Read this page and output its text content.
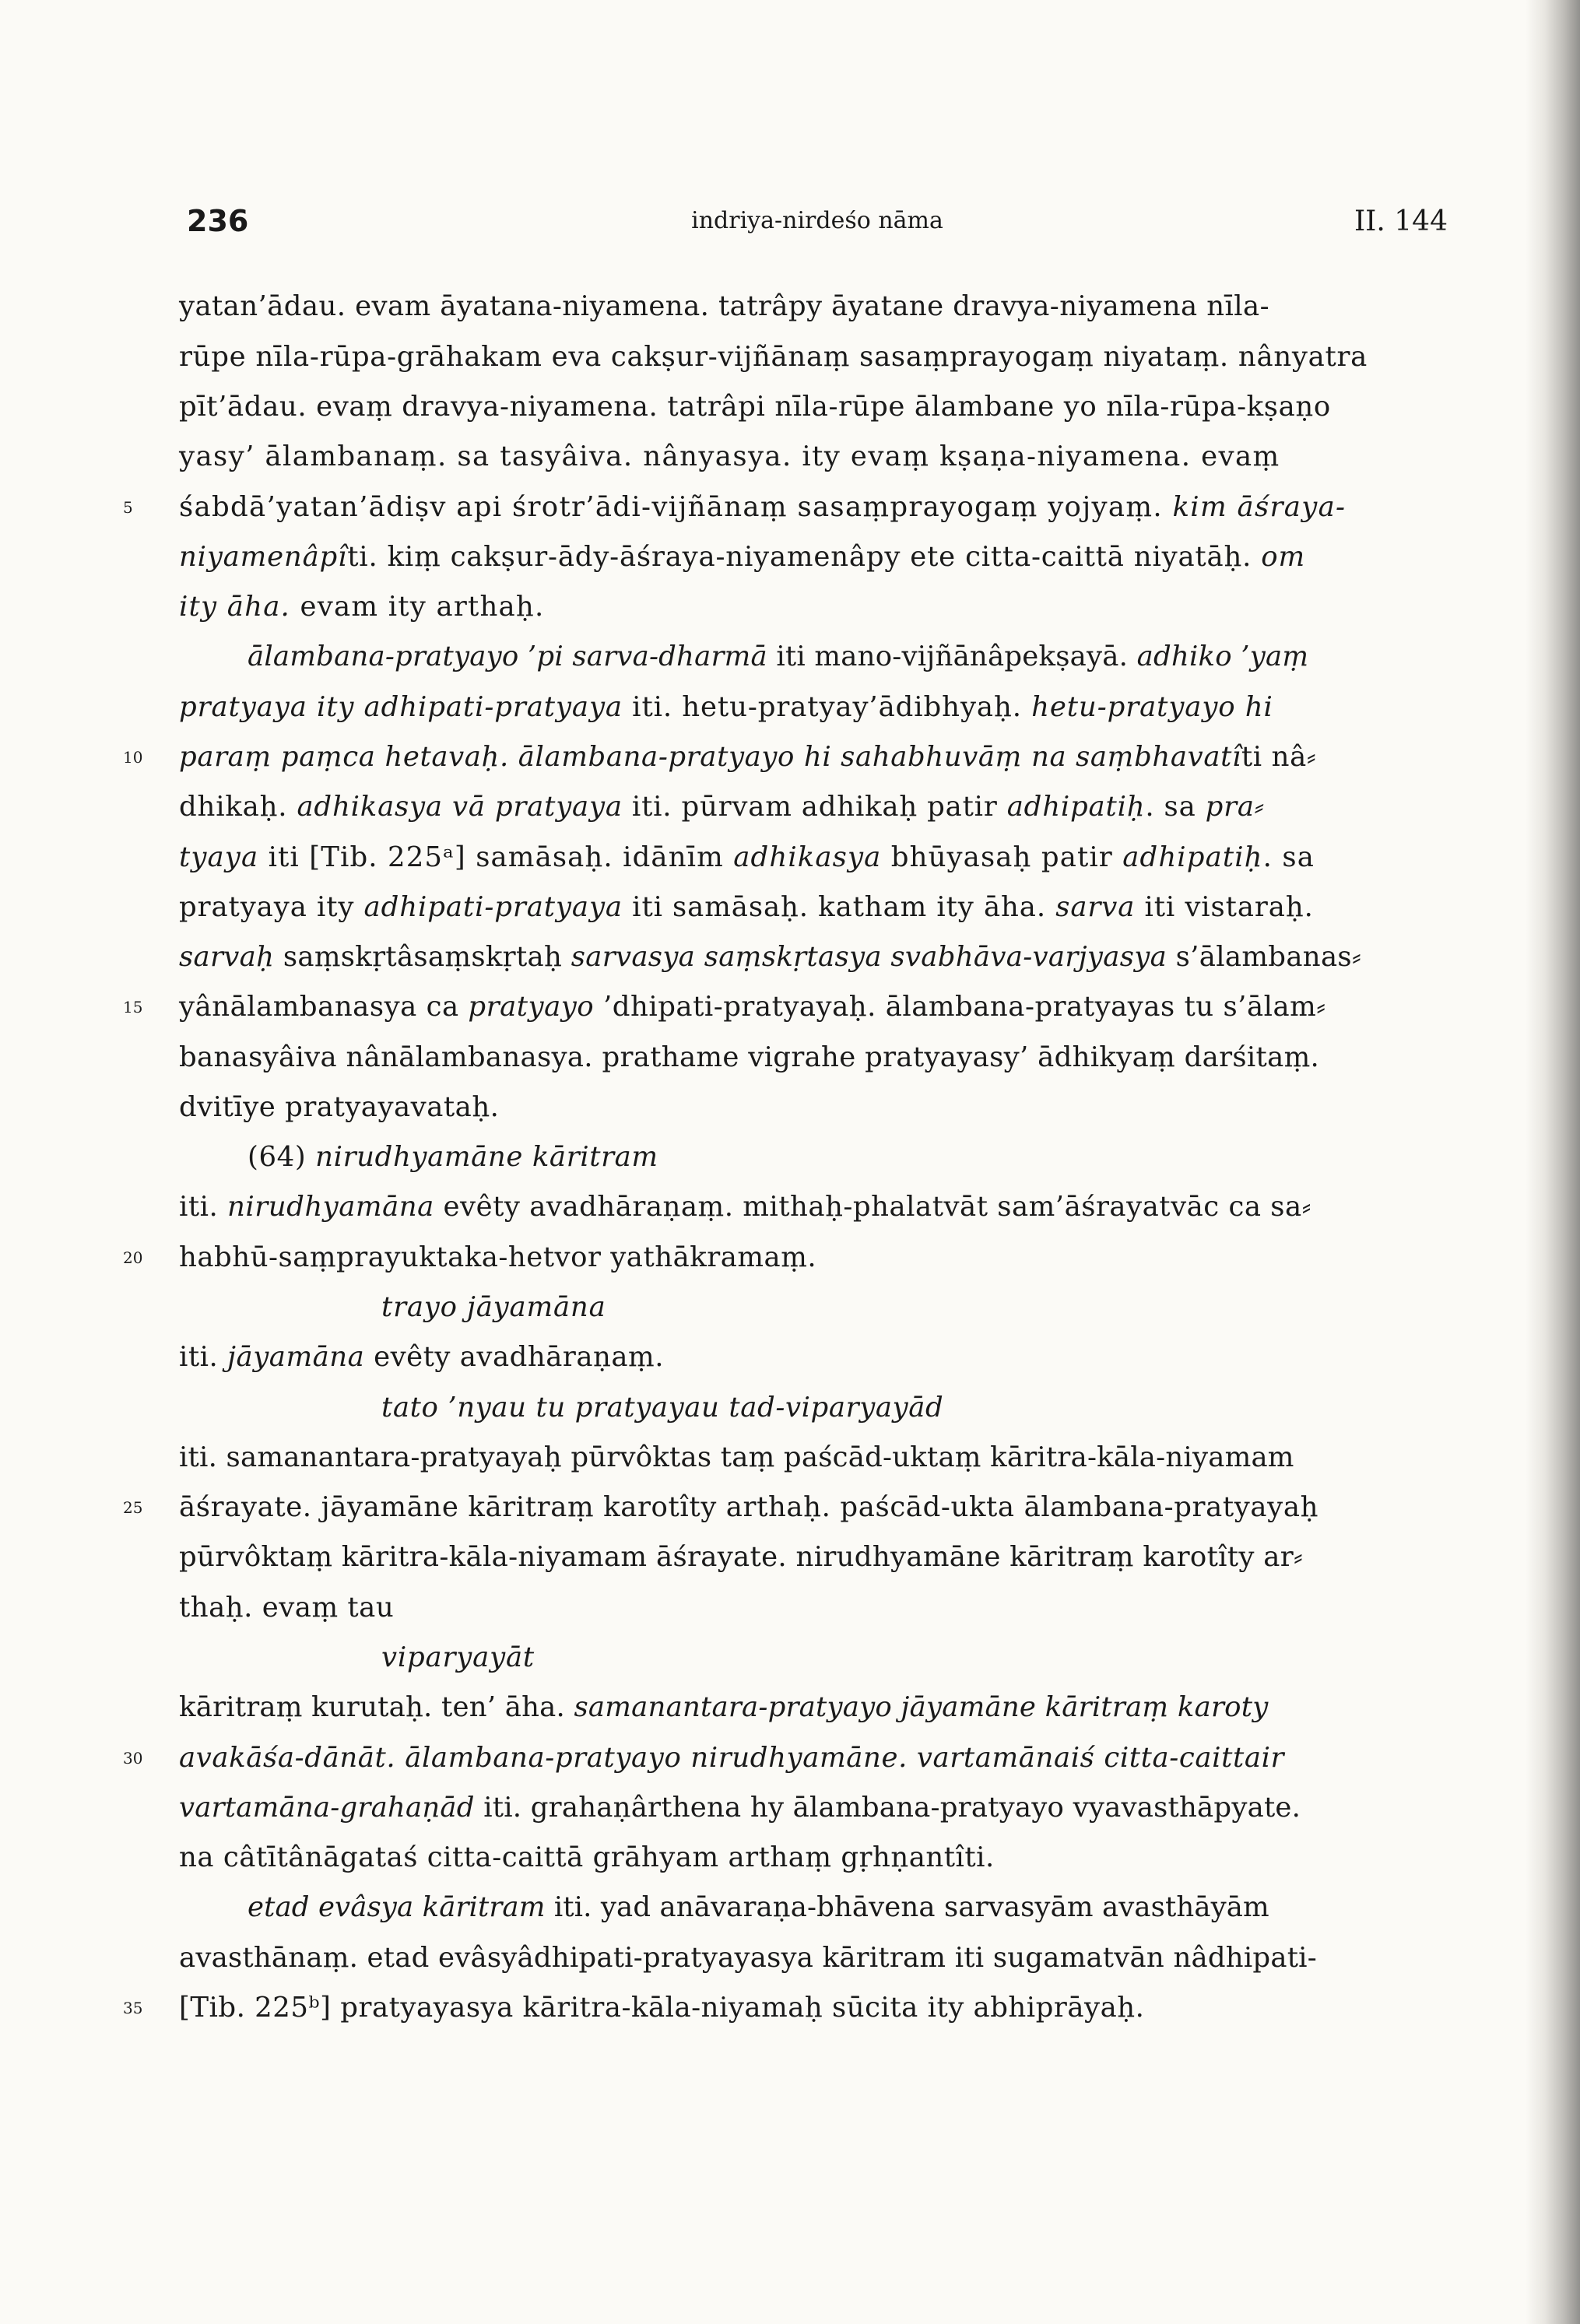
236	indriya-nirdeśo nāma	II. 144
yatan’ādau. evam āyatana-niyamena. tatrâpy āyatane dravya-niyamena nīla-
rūpe nīla-rūpa-grāhakam eva cakṣur-vijñānaṃ sasaṃprayogaṃ niyataṃ. nânyatra
pīt’ādau. evaṃ dravya-niyamena. tatrâpi nīla-rūpe ālambane yo nīla-rūpa-kṣaṇo
yasy’ ālambanaṃ. sa tasyâiva. nânyasya. ity evaṃ kṣaṇa-niyamena. evaṃ
5	śabdā’yatan’ādiṣv api śrotr’ādi-vijñānaṃ sasaṃprayogaṃ yojyaṃ. kim āśraya-
niyamenâpîti. kiṃ cakṣur-ādy-āśraya-niyamenâpy ete citta-caittā niyatāḥ. om
ity āha. evam ity arthaḥ.
ālambana-pratyayo ’pi sarva-dharmā iti mano-vijñānâpekṣayā. adhiko ’yaṃ
pratyaya ity adhipati-pratyaya iti. hetu-pratyay’ādibhyaḥ. hetu-pratyayo hi
10	paraṃ paṃca hetavaḥ. ālambana-pratyayo hi sahabhuvāṃ na saṃbhavatîti nâ⸗
dhikaḥ. adhikasya vā pratyaya iti. pūrvam adhikaḥ patir adhipatiḥ. sa pra⸗
tyaya iti [Tib. 225ᵃ] samāsaḥ. idānīm adhikasya bhūyasaḥ patir adhipatiḥ. sa
pratyaya ity adhipati-pratyaya iti samāsaḥ. katham ity āha. sarva iti vistaraḥ.
sarvaḥ saṃskṛtâsaṃskṛtaḥ sarvasya saṃskṛtasya svabhāva-varjyasya s’ālambanas⸗
15	yânālambanasya ca pratyayo ’dhipati-pratyayaḥ. ālambana-pratyayas tu s’ālam⸗
banasyâiva nânālambanasya. prathame vigrahe pratyayasy’ ādhikyaṃ darśitaṃ.
dvitīye pratyayavataḥ.
(64) nirudhyamāne kāritram
iti. nirudhyamāna evêty avadhāraṇaṃ. mithaḥ-phalatvāt sam’āśrayatvāc ca sa⸗
20	habhū-saṃprayuktaka-hetvor yathākramaṃ.
trayo jāyamāna
iti. jāyamāna evêty avadhāraṇaṃ.
tato ’nyau tu pratyayau tad-viparyayād
iti. samanantara-pratyayaḥ pūrvôktas taṃ paścād-uktaṃ kāritra-kāla-niyamam
25	āśrayate. jāyamāne kāritraṃ karotîty arthaḥ. paścād-ukta ālambana-pratyayaḥ
pūrvôktaṃ kāritra-kāla-niyamam āśrayate. nirudhyamāne kāritraṃ karotîty ar⸗
thaḥ. evaṃ tau
viparyayāt
kāritraṃ kurutaḥ. ten’ āha. samanantara-pratyayo jāyamāne kāritraṃ karoty
30	avakāśa-dānāt. ālambana-pratyayo nirudhyamāne. vartamānaiś citta-caittair
vartamāna-grahaṇād iti. grahaṇârthena hy ālambana-pratyayo vyavasthāpyate.
na câtītânāgataś citta-caittā grāhyam arthaṃ gṛhṇantîti.
etad evâsya kāritram iti. yad anāvaraṇa-bhāvena sarvasyām avasthāyām
avasthānaṃ. etad evâsyâdhipati-pratyayasya kāritram iti sugamatvān nâdhipati-
35	[Tib. 225ᵇ] pratyayasya kāritra-kāla-niyamaḥ sūcita ity abhiprāyaḥ.
